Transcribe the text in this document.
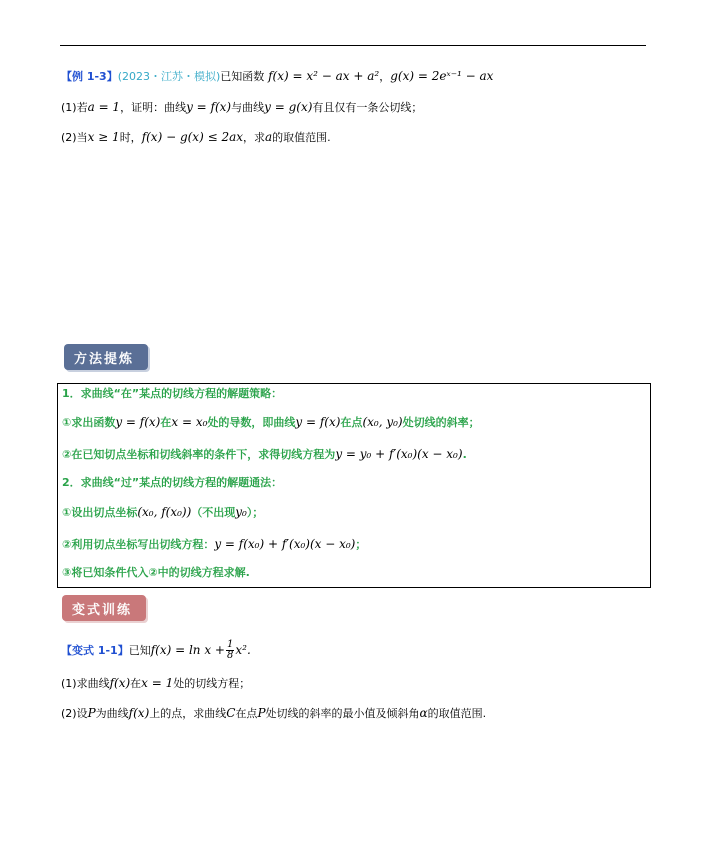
【例 1-3】(2023・江苏・模拟)已知函数 f(x) = x² − ax + a²，g(x) = 2eˣ⁻¹ − ax
(1)若a = 1，证明：曲线y = f(x)与曲线y = g(x)有且仅有一条公切线；
(2)当x ≥ 1时，f(x) − g(x) ≤ 2ax，求a的取值范围.
方法提炼
1．求曲线“在”某点的切线方程的解题策略：
①求出函数y = f(x)在x = x₀处的导数，即曲线y = f(x)在点(x₀, y₀)处切线的斜率；
②在已知切点坐标和切线斜率的条件下，求得切线方程为y = y₀ + f′(x₀)(x − x₀).
2．求曲线“过”某点的切线方程的解题通法：
①设出切点坐标(x₀, f(x₀))（不出现y₀）；
②利用切点坐标写出切线方程：y = f(x₀) + f′(x₀)(x − x₀)；
③将已知条件代入②中的切线方程求解.
变式训练
【变式 1-1】已知$f(x) = \ln x + \frac{1}{8} x^2$.
(1)求曲线f(x)在x = 1处的切线方程；
(2)设P为曲线f(x)上的点，求曲线C在点P处切线的斜率的最小值及倾斜角α的取值范围.
